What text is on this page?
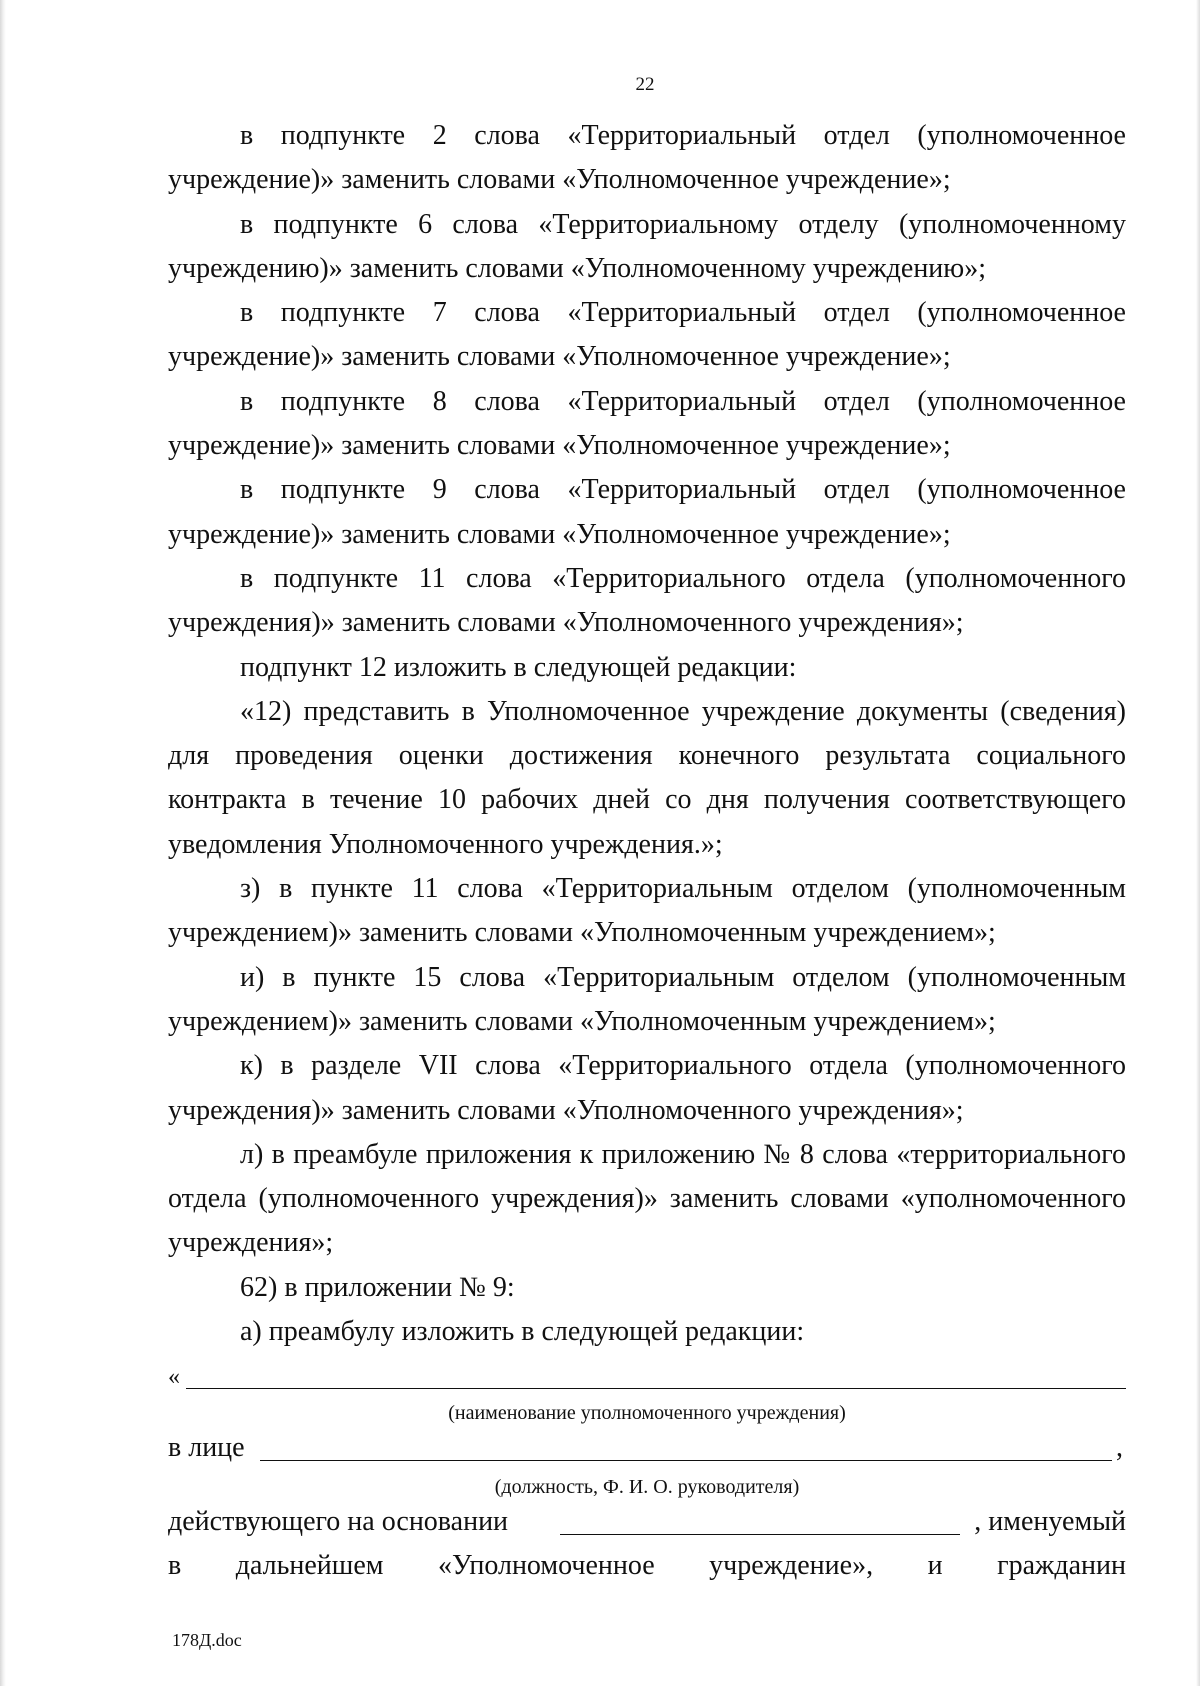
22

в подпункте 2 слова «Территориальный отдел (уполномоченное учреждение)» заменить словами «Уполномоченное учреждение»;

в подпункте 6 слова «Территориальному отделу (уполномоченному учреждению)» заменить словами «Уполномоченному учреждению»;

в подпункте 7 слова «Территориальный отдел (уполномоченное учреждение)» заменить словами «Уполномоченное учреждение»;

в подпункте 8 слова «Территориальный отдел (уполномоченное учреждение)» заменить словами «Уполномоченное учреждение»;

в подпункте 9 слова «Территориальный отдел (уполномоченное учреждение)» заменить словами «Уполномоченное учреждение»;

в подпункте 11 слова «Территориального отдела (уполномоченного учреждения)» заменить словами «Уполномоченного учреждения»;

подпункт 12 изложить в следующей редакции:

«12) представить в Уполномоченное учреждение документы (сведения) для проведения оценки достижения конечного результата социального контракта в течение 10 рабочих дней со дня получения соответствующего уведомления Уполномоченного учреждения.»;

з) в пункте 11 слова «Территориальным отделом (уполномоченным учреждением)» заменить словами «Уполномоченным учреждением»;

и) в пункте 15 слова «Территориальным отделом (уполномоченным учреждением)» заменить словами «Уполномоченным учреждением»;

к) в разделе VII слова «Территориального отдела (уполномоченного учреждения)» заменить словами «Уполномоченного учреждения»;

л) в преамбуле приложения к приложению № 8 слова «территориального отдела (уполномоченного учреждения)» заменить словами «уполномоченного учреждения»;

62) в приложении № 9:

а) преамбулу изложить в следующей редакции:

«
(наименование уполномоченного учреждения)
в лице	,
(должность, Ф. И. О. руководителя)
действующего на основании	, именуемый
в дальнейшем «Уполномоченное учреждение», и гражданин
178Д.doc
